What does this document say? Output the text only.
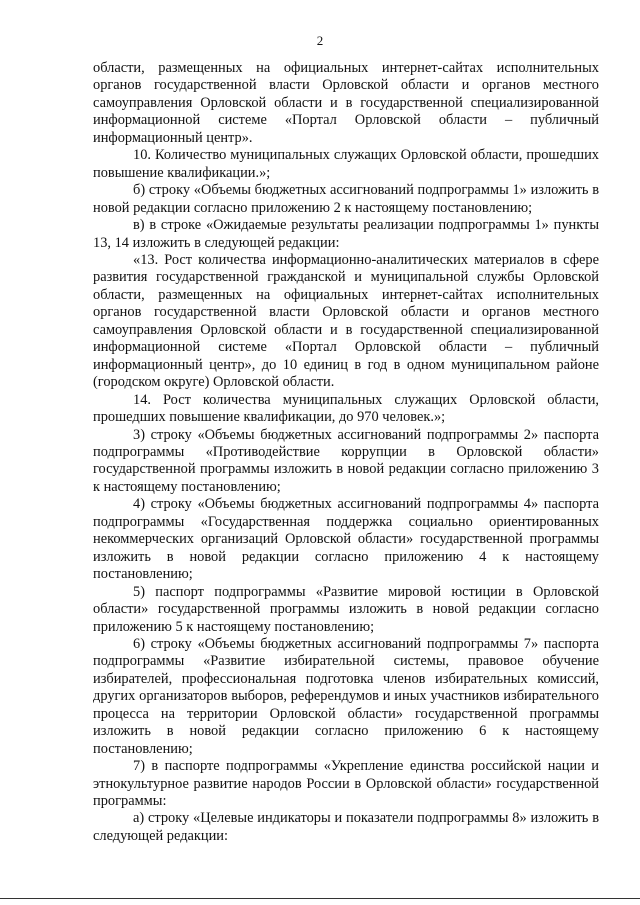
2

области, размещенных на официальных интернет-сайтах исполнительных органов государственной власти Орловской области и органов местного самоуправления Орловской области и в государственной специализированной информационной системе «Портал Орловской области – публичный информационный центр».

10. Количество муниципальных служащих Орловской области, прошедших повышение квалификации.»;

б) строку «Объемы бюджетных ассигнований подпрограммы 1» изложить в новой редакции согласно приложению 2 к настоящему постановлению;

в) в строке «Ожидаемые результаты реализации подпрограммы 1» пункты 13, 14 изложить в следующей редакции:

«13. Рост количества информационно-аналитических материалов в сфере развития государственной гражданской и муниципальной службы Орловской области, размещенных на официальных интернет-сайтах исполнительных органов государственной власти Орловской области и органов местного самоуправления Орловской области и в государственной специализированной информационной системе «Портал Орловской области – публичный информационный центр», до 10 единиц в год в одном муниципальном районе (городском округе) Орловской области.

14. Рост количества муниципальных служащих Орловской области, прошедших повышение квалификации, до 970 человек.»;

3) строку «Объемы бюджетных ассигнований подпрограммы 2» паспорта подпрограммы «Противодействие коррупции в Орловской области» государственной программы изложить в новой редакции согласно приложению 3 к настоящему постановлению;

4) строку «Объемы бюджетных ассигнований подпрограммы 4» паспорта подпрограммы «Государственная поддержка социально ориентированных некоммерческих организаций Орловской области» государственной программы изложить в новой редакции согласно приложению 4 к настоящему постановлению;

5) паспорт подпрограммы «Развитие мировой юстиции в Орловской области» государственной программы изложить в новой редакции согласно приложению 5 к настоящему постановлению;

6) строку «Объемы бюджетных ассигнований подпрограммы 7» паспорта подпрограммы «Развитие избирательной системы, правовое обучение избирателей, профессиональная подготовка членов избирательных комиссий, других организаторов выборов, референдумов и иных участников избирательного процесса на территории Орловской области» государственной программы изложить в новой редакции согласно приложению 6 к настоящему постановлению;

7) в паспорте подпрограммы «Укрепление единства российской нации и этнокультурное развитие народов России в Орловской области» государственной программы:

а) строку «Целевые индикаторы и показатели подпрограммы 8» изложить в следующей редакции:
